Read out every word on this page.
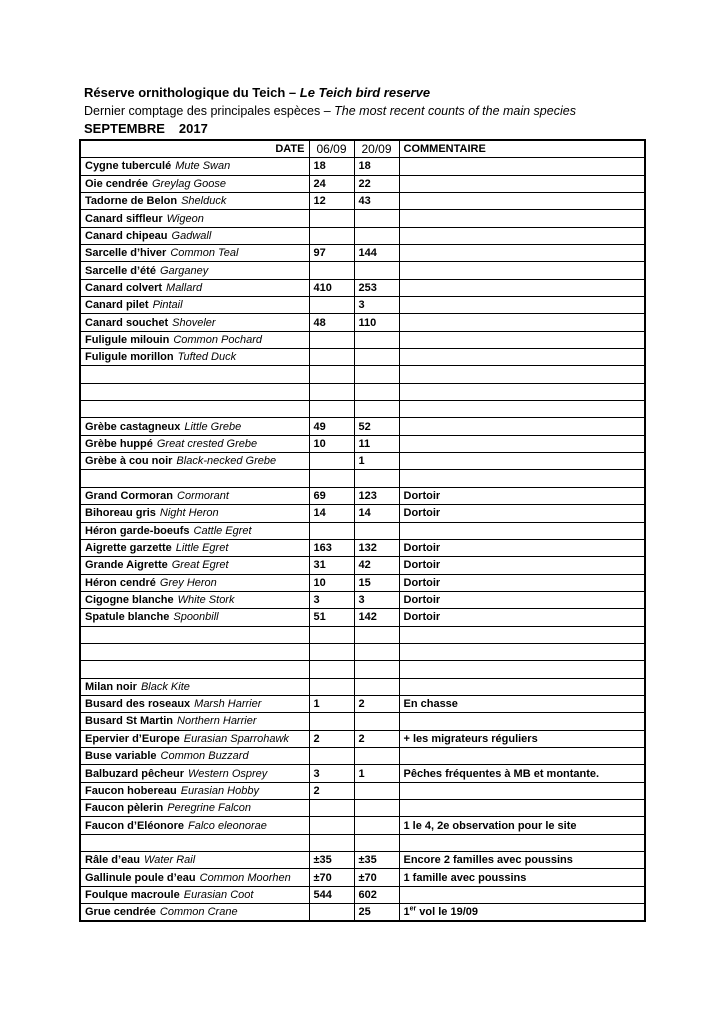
Réserve ornithologique du Teich – Le Teich bird reserve
Dernier comptage des principales espèces – The most recent counts of the main species
SEPTEMBRE 2017
DATE	06/09	20/09	COMMENTAIRE
Cygne tuberculé Mute Swan	18	18	
Oie cendrée Greylag Goose	24	22	
Tadorne de Belon Shelduck	12	43	
Canard siffleur Wigeon			
Canard chipeau Gadwall			
Sarcelle d’hiver Common Teal	97	144	
Sarcelle d’été Garganey			
Canard colvert Mallard	410	253	
Canard pilet Pintail		3	
Canard souchet Shoveler	48	110	
Fuligule milouin Common Pochard			
Fuligule morillon Tufted Duck			

Grèbe castagneux Little Grebe	49	52	
Grèbe huppé Great crested Grebe	10	11	
Grèbe à cou noir Black-necked Grebe		1	

Grand Cormoran Cormorant	69	123	Dortoir
Bihoreau gris Night Heron	14	14	Dortoir
Héron garde-boeufs Cattle Egret			
Aigrette garzette Little Egret	163	132	Dortoir
Grande Aigrette Great Egret	31	42	Dortoir
Héron cendré Grey Heron	10	15	Dortoir
Cigogne blanche White Stork	3	3	Dortoir
Spatule blanche Spoonbill	51	142	Dortoir

Milan noir Black Kite			
Busard des roseaux Marsh Harrier	1	2	En chasse
Busard St Martin Northern Harrier			
Epervier d’Europe Eurasian Sparrohawk	2	2	+ les migrateurs réguliers
Buse variable Common Buzzard			
Balbuzard pêcheur Western Osprey	3	1	Pêches fréquentes à MB et montante.
Faucon hobereau Eurasian Hobby	2		
Faucon pèlerin Peregrine Falcon			
Faucon d’Eléonore Falco eleonorae			1 le 4, 2e observation pour le site

Râle d’eau Water Rail	±35	±35	Encore 2 familles avec poussins
Gallinule poule d’eau Common Moorhen	±70	±70	1 famille avec poussins
Foulque macroule Eurasian Coot	544	602	
Grue cendrée Common Crane		25	1er vol le 19/09
